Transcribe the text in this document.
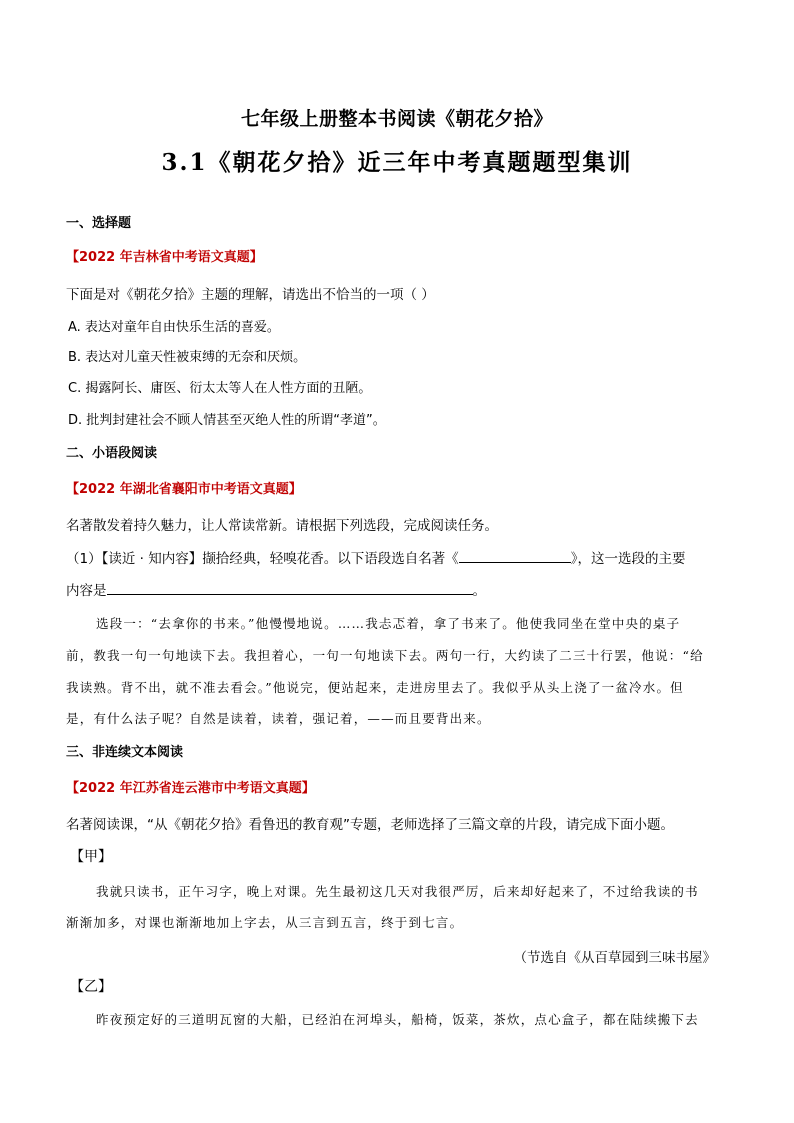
七年级上册整本书阅读《朝花夕拾》
3.1《朝花夕拾》近三年中考真题题型集训
一、选择题
【2022 年吉林省中考语文真题】
下面是对《朝花夕拾》主题的理解，请选出不恰当的一项（ ）
A. 表达对童年自由快乐生活的喜爱。
B. 表达对儿童天性被束缚的无奈和厌烦。
C. 揭露阿长、庸医、衍太太等人在人性方面的丑陋。
D. 批判封建社会不顾人情甚至灭绝人性的所谓“孝道”。
二、小语段阅读
【2022 年湖北省襄阳市中考语文真题】
名著散发着持久魅力，让人常读常新。请根据下列选段，完成阅读任务。
（1）【读近 · 知内容】撷拾经典，轻嗅花香。以下语段选自名著《	》，这一选段的主要
内容是	。
选段一：“去拿你的书来。”他慢慢地说。……我忐忑着，拿了书来了。他使我同坐在堂中央的桌子
前，教我一句一句地读下去。我担着心，一句一句地读下去。两句一行，大约读了二三十行罢，他说：“给
我读熟。背不出，就不准去看会。”他说完，便站起来，走进房里去了。我似乎从头上浇了一盆冷水。但
是，有什么法子呢？自然是读着，读着，强记着，——而且要背出来。
三、非连续文本阅读
【2022 年江苏省连云港市中考语文真题】
名著阅读课，“从《朝花夕拾》看鲁迅的教育观”专题，老师选择了三篇文章的片段，请完成下面小题。
【甲】
我就只读书，正午习字，晚上对课。先生最初这几天对我很严厉，后来却好起来了，不过给我读的书
渐渐加多，对课也渐渐地加上字去，从三言到五言，终于到七言。
（节选自《从百草园到三味书屋》
【乙】
昨夜预定好的三道明瓦窗的大船，已经泊在河埠头，船椅，饭菜，茶炊，点心盒子，都在陆续搬下去
